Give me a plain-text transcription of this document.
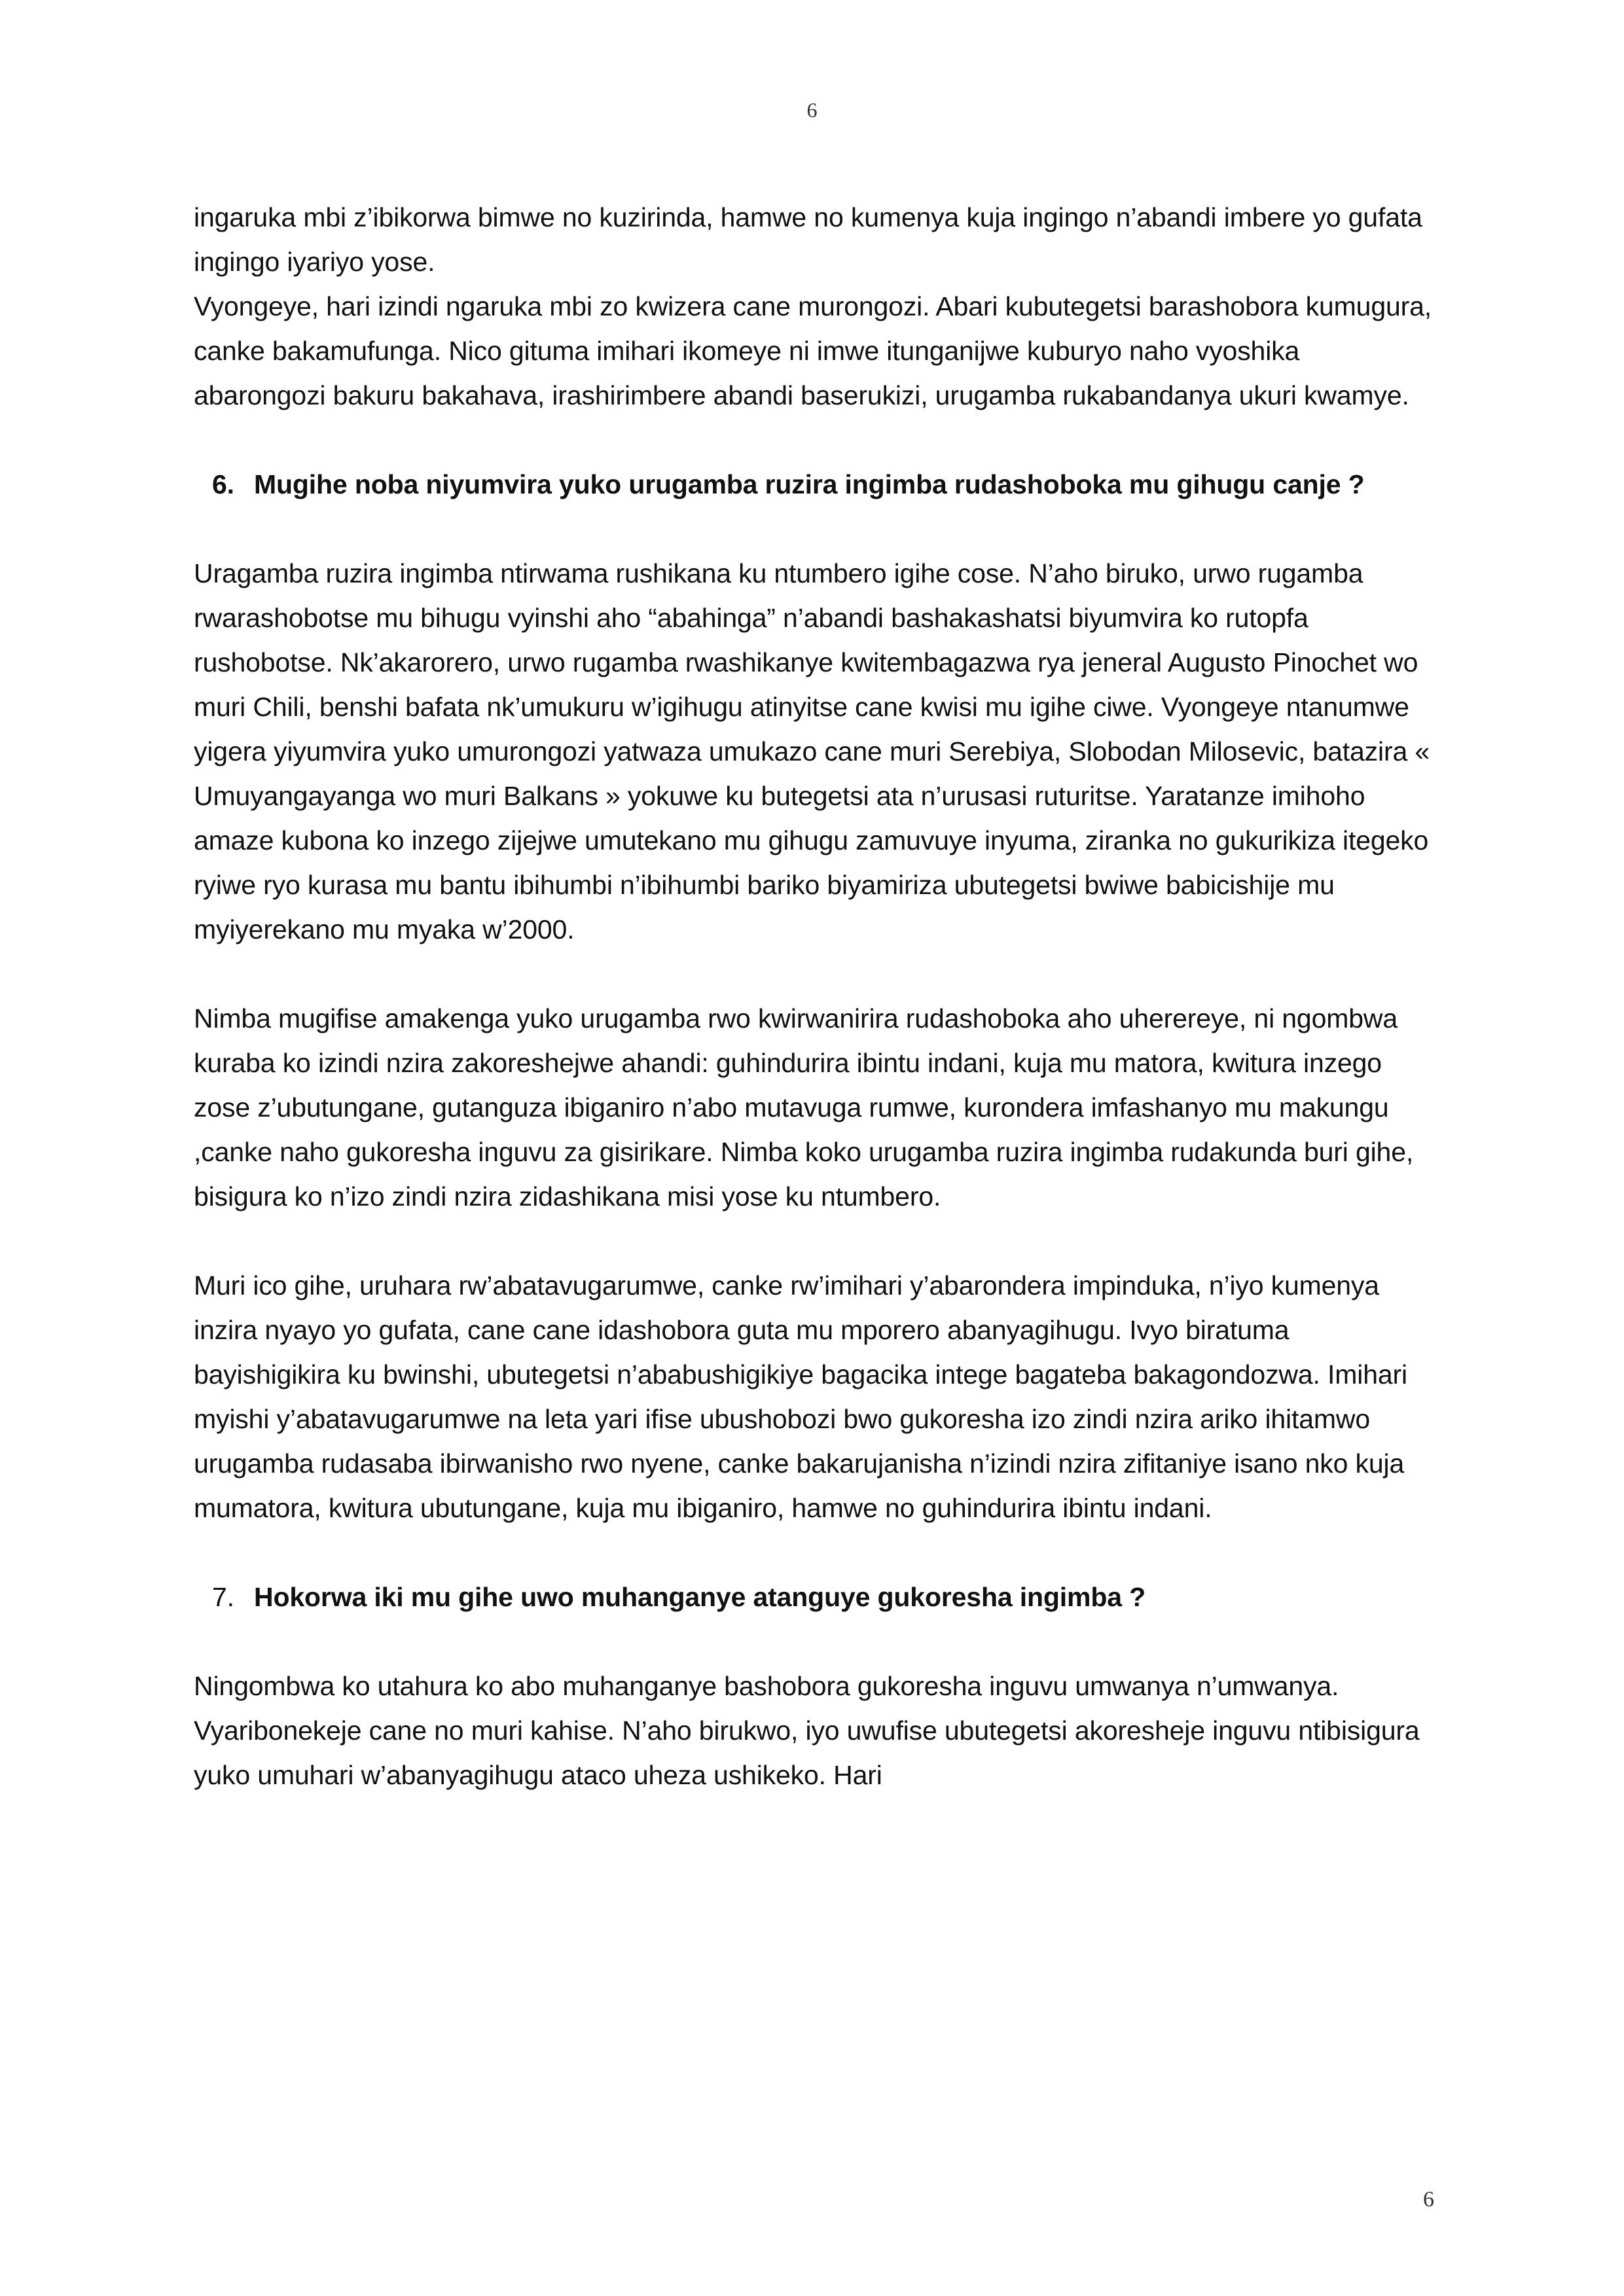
6

ingaruka mbi z’ibikorwa bimwe no kuzirinda, hamwe no kumenya kuja ingingo n’abandi imbere yo gufata ingingo iyariyo yose.

Vyongeye, hari izindi ngaruka mbi zo kwizera cane murongozi. Abari kubutegetsi barashobora kumugura, canke bakamufunga. Nico gituma imihari ikomeye ni imwe itunganijwe kuburyo naho vyoshika abarongozi bakuru bakahava, irashirimbere abandi baserukizi, urugamba rukabandanya ukuri kwamye.

6. Mugihe noba niyumvira yuko urugamba ruzira ingimba rudashoboka mu gihugu canje ?

Uragamba ruzira ingimba ntirwama rushikana ku ntumbero igihe cose. N’aho biruko, urwo rugamba rwarashobotse mu bihugu vyinshi aho “abahinga” n’abandi bashakashatsi biyumvira ko rutopfa rushobotse. Nk’akarorero, urwo rugamba rwashikanye kwitembagazwa rya jeneral Augusto Pinochet wo muri Chili, benshi bafata nk’umukuru w’igihugu atinyitse cane kwisi mu igihe ciwe. Vyongeye ntanumwe yigera yiyumvira yuko umurongozi yatwaza umukazo cane muri Serebiya, Slobodan Milosevic, batazira « Umuyangayanga wo muri Balkans » yokuwe ku butegetsi ata n’urusasi ruturitse. Yaratanze imihoho amaze kubona ko inzego zijejwe umutekano mu gihugu zamuvuye inyuma, ziranka no gukurikiza itegeko ryiwe ryo kurasa mu bantu ibihumbi n’ibihumbi bariko biyamiriza ubutegetsi bwiwe babicishije mu myiyerekano mu myaka w’2000.

Nimba mugifise amakenga yuko urugamba rwo kwirwanirira rudashoboka aho uherereye, ni ngombwa kuraba ko izindi nzira zakoreshejwe ahandi: guhindurira ibintu indani, kuja mu matora, kwitura inzego zose z’ubutungane, gutanguza ibiganiro n’abo mutavuga rumwe, kurondera imfashanyo mu makungu ,canke naho gukoresha inguvu za gisirikare. Nimba koko urugamba ruzira ingimba rudakunda buri gihe, bisigura ko n’izo zindi nzira zidashikana misi yose ku ntumbero.

Muri ico gihe, uruhara rw’abatavugarumwe, canke rw’imihari y’abarondera impinduka, n’iyo kumenya inzira nyayo yo gufata, cane cane idashobora guta mu mporero abanyagihugu. Ivyo biratuma bayishigikira ku bwinshi, ubutegetsi n’ababushigikiye bagacika intege bagateba bakagondozwa. Imihari myishi y’abatavugarumwe na leta yari ifise ubushobozi bwo gukoresha izo zindi nzira ariko ihitamwo urugamba rudasaba ibirwanisho rwo nyene, canke bakarujanisha n’izindi nzira zifitaniye isano nko kuja mumatora, kwitura ubutungane, kuja mu ibiganiro, hamwe no guhindurira ibintu indani.

7. Hokorwa iki mu gihe uwo muhanganye atanguye gukoresha ingimba ?

Ningombwa ko utahura ko abo muhanganye bashobora gukoresha inguvu umwanya n’umwanya. Vyaribonekeje cane no muri kahise. N’aho birukwo, iyo uwufise ubutegetsi akoresheje inguvu ntibisigura yuko umuhari w’abanyagihugu ataco uheza ushikeko. Hari

6
